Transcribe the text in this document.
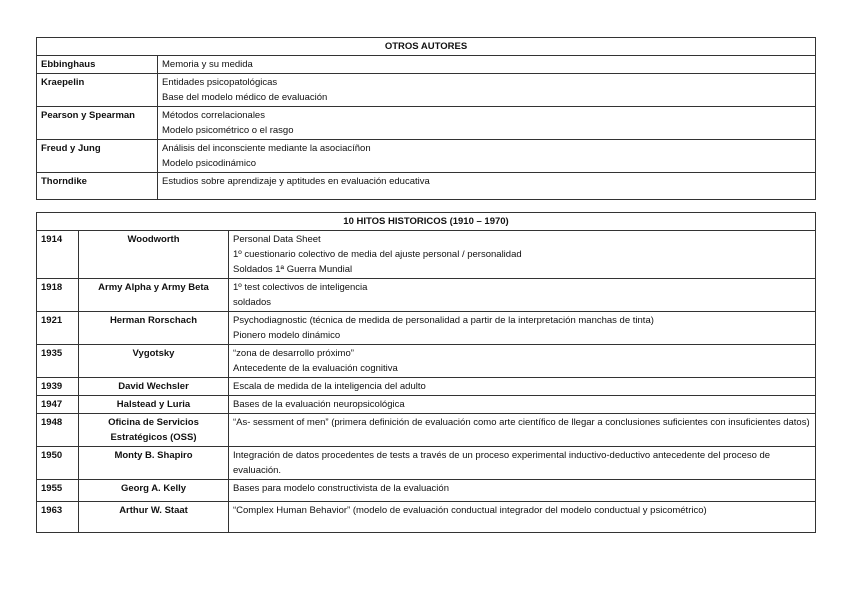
OTROS AUTORES	
Ebbinghaus	Memoria y su medida

Kraepelin	Entidades psicopatológicas
Base del modelo médico de evaluación

Pearson y Spearman	Métodos correlacionales
Modelo psicométrico o el rasgo

Freud y Jung	Análisis del inconsciente mediante la asociacíñon
Modelo psicodinámico

Thorndike	Estudios sobre aprendizaje y aptitudes en evaluación educativa
10 HITOS HISTORICOS (1910 – 1970)		
1914	Woodworth	Personal Data Sheet
1º cuestionario colectivo de media del ajuste personal / personalidad
Soldados 1ª Guerra Mundial

1918	Army Alpha y Army Beta	1º test colectivos de inteligencia
soldados

1921	Herman Rorschach	Psychodiagnostic (técnica de medida de personalidad a partir de la interpretación manchas de tinta)
Pionero modelo dinámico

1935	Vygotsky	“zona de desarrollo próximo”
Antecedente de la evaluación cognitiva

1939	David Wechsler	Escala de medida de la inteligencia del adulto

1947	Halstead y Luria	Bases de la evaluación neuropsicológica

1948	Oficina de Servicios Estratégicos (OSS)	“As- sessment of men” (primera definición de evaluación como arte científico de llegar a conclusiones suficientes con insuficientes datos)

1950	Monty B. Shapiro	Integración de datos procedentes de tests a través de un proceso experimental inductivo-deductivo antecedente del proceso de evaluación.

1955	Georg A. Kelly	Bases para modelo constructivista de la evaluación

1963	Arthur W. Staat	“Complex Human Behavior” (modelo de evaluación conductual integrador del modelo conductual y psicométrico)
